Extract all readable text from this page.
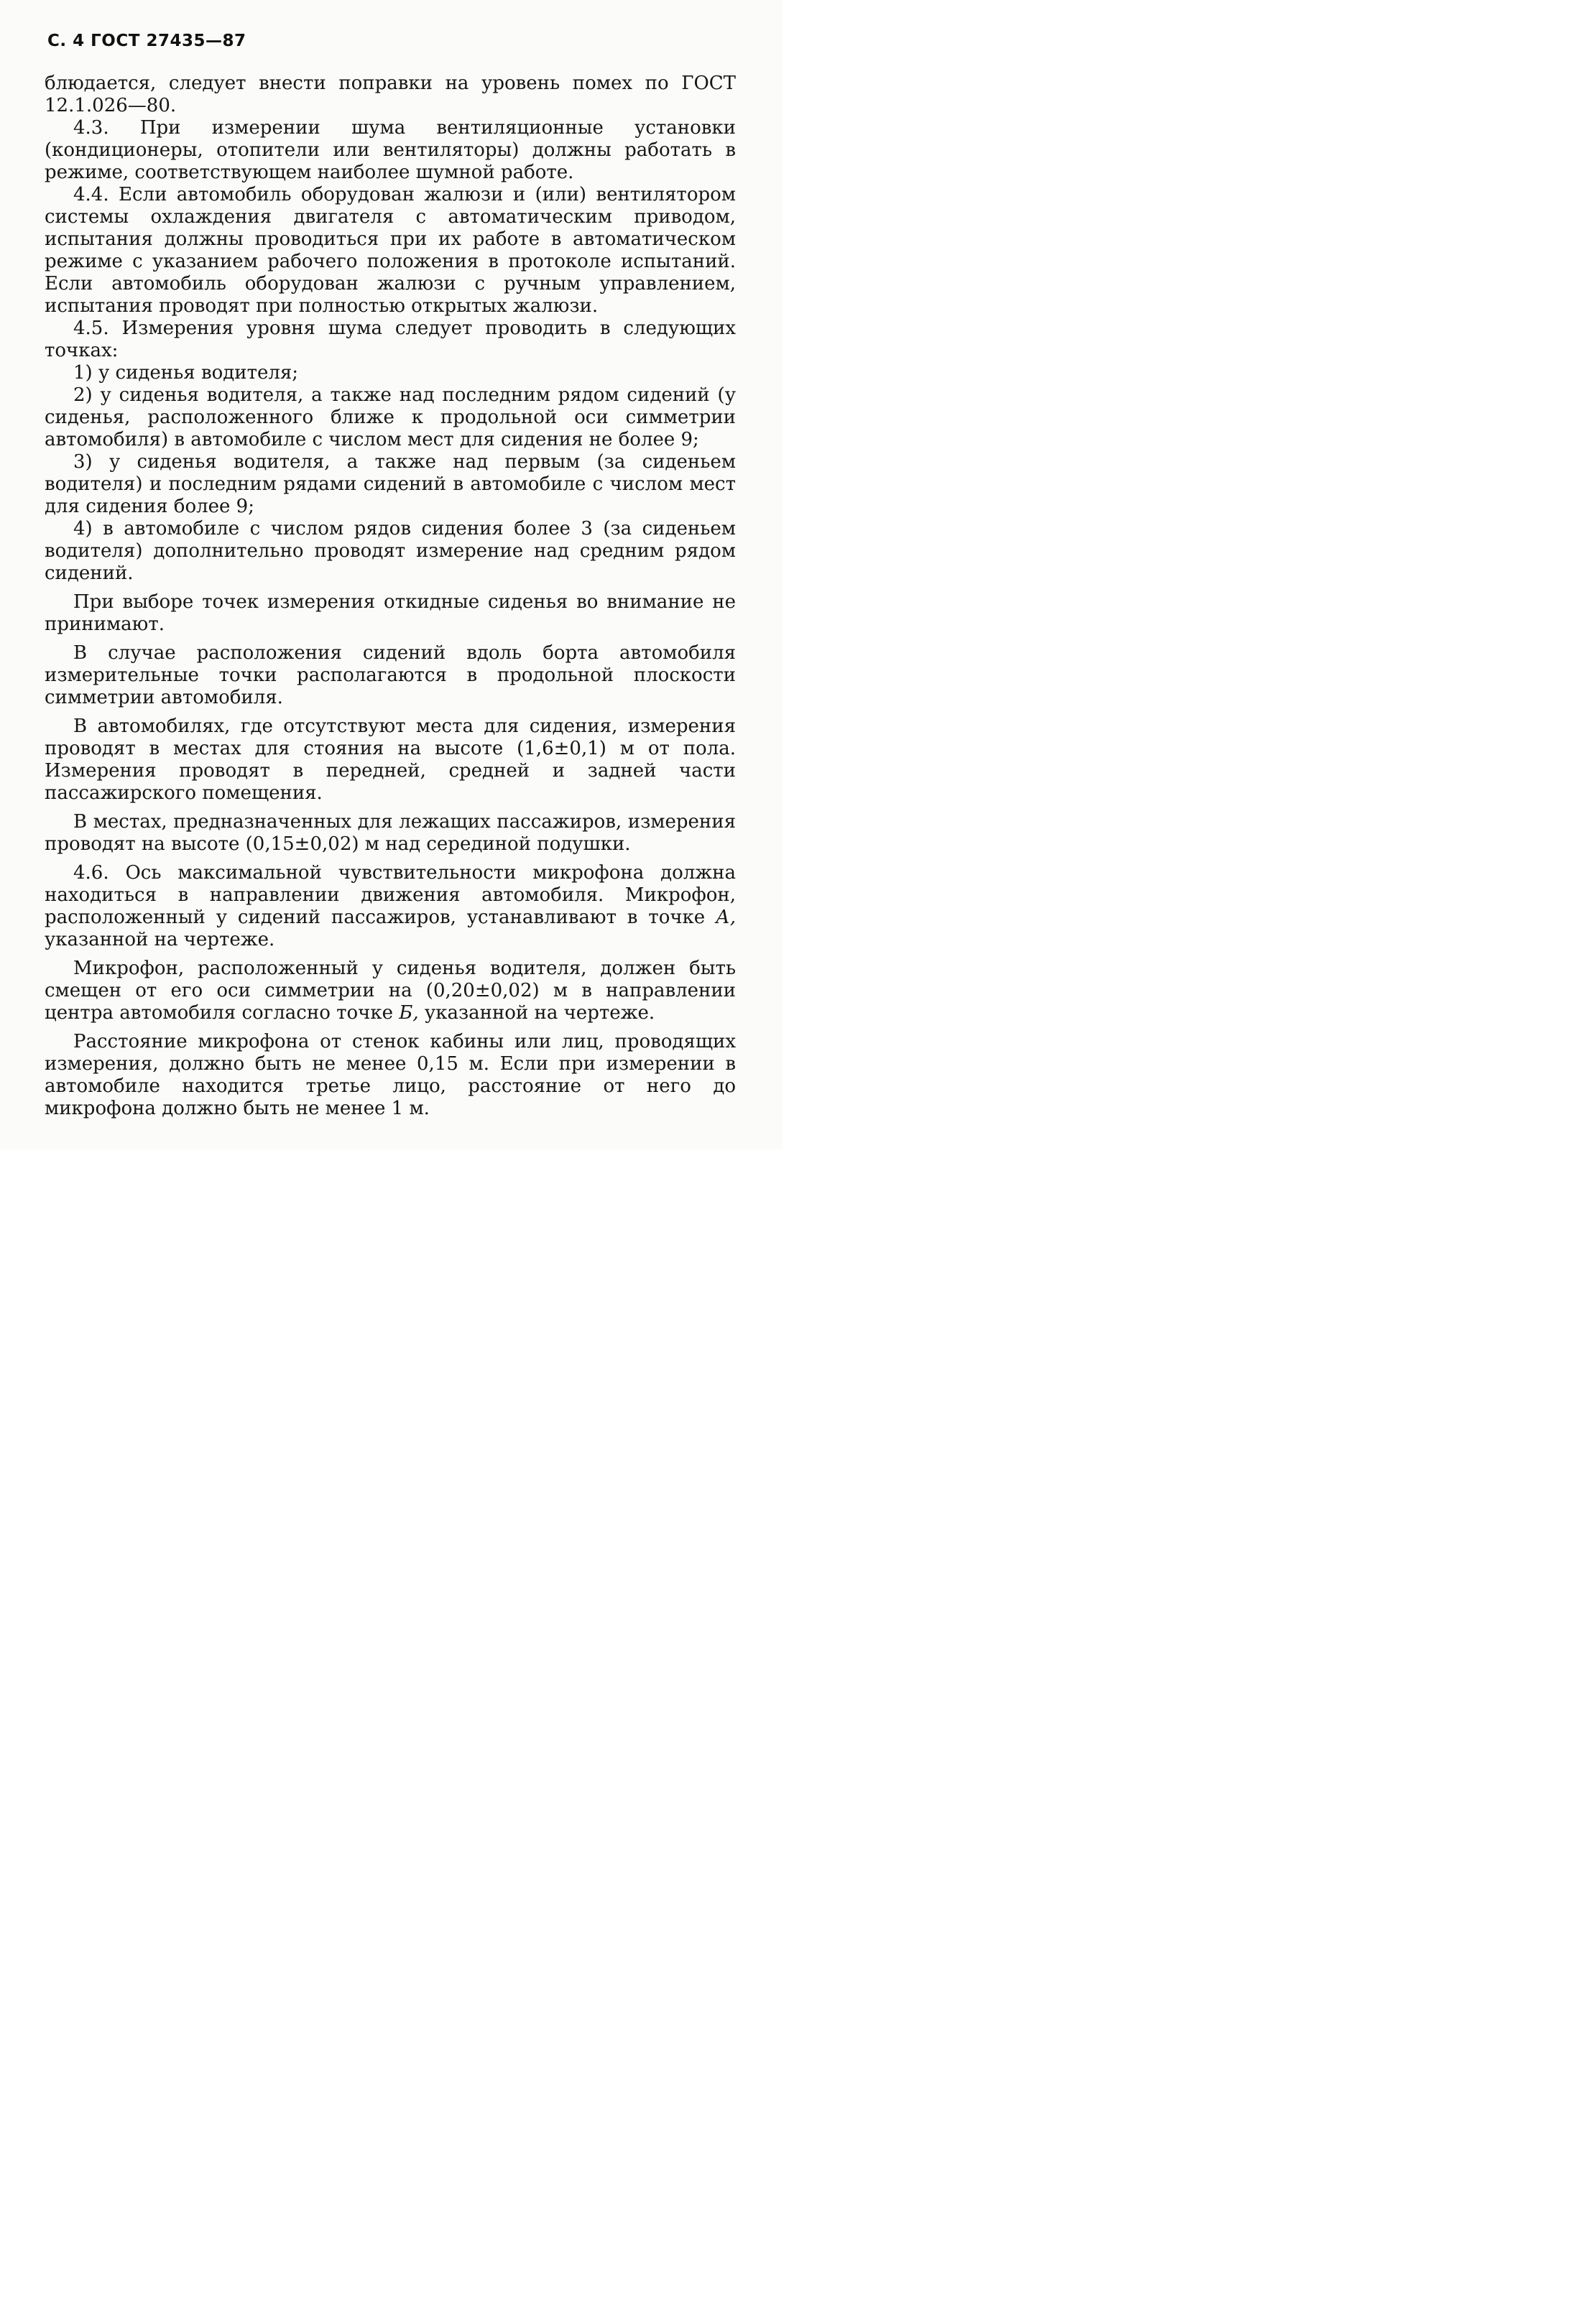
С. 4 ГОСТ 27435—87

блюдается, следует внести поправки на уровень помех по ГОСТ 12.1.026—80.

4.3. При измерении шума вентиляционные установки (кондиционеры, отопители или вентиляторы) должны работать в режиме, соответствующем наиболее шумной работе.

4.4. Если автомобиль оборудован жалюзи и (или) вентилятором системы охлаждения двигателя с автоматическим приводом, испытания должны проводиться при их работе в автоматическом режиме с указанием рабочего положения в протоколе испытаний. Если автомобиль оборудован жалюзи с ручным управлением, испытания проводят при полностью открытых жалюзи.

4.5. Измерения уровня шума следует проводить в следующих точках:

1) у сиденья водителя;

2) у сиденья водителя, а также над последним рядом сидений (у сиденья, расположенного ближе к продольной оси симметрии автомобиля) в автомобиле с числом мест для сидения не более 9;

3) у сиденья водителя, а также над первым (за сиденьем водителя) и последним рядами сидений в автомобиле с числом мест для сидения более 9;

4) в автомобиле с числом рядов сидения более 3 (за сиденьем водителя) дополнительно проводят измерение над средним рядом сидений.

При выборе точек измерения откидные сиденья во внимание не принимают.

В случае расположения сидений вдоль борта автомобиля измерительные точки располагаются в продольной плоскости симметрии автомобиля.

В автомобилях, где отсутствуют места для сидения, измерения проводят в местах для стояния на высоте (1,6±0,1) м от пола. Измерения проводят в передней, средней и задней части пассажирского помещения.

В местах, предназначенных для лежащих пассажиров, измерения проводят на высоте (0,15±0,02) м над серединой подушки.

4.6. Ось максимальной чувствительности микрофона должна находиться в направлении движения автомобиля. Микрофон, расположенный у сидений пассажиров, устанавливают в точке А, указанной на чертеже.

Микрофон, расположенный у сиденья водителя, должен быть смещен от его оси симметрии на (0,20±0,02) м в направлении центра автомобиля согласно точке Б, указанной на чертеже.

Расстояние микрофона от стенок кабины или лиц, проводящих измерения, должно быть не менее 0,15 м. Если при измерении в автомобиле находится третье лицо, расстояние от него до микрофона должно быть не менее 1 м.
